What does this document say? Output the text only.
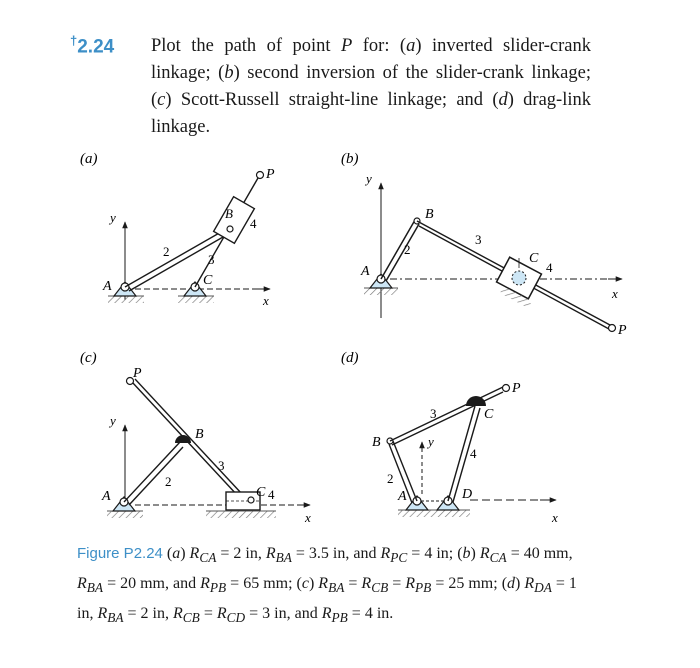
†2.24 Plot the path of point P for: (a) inverted slider-crank linkage; (b) second inversion of the slider-crank linkage; (c) Scott-Russell straight-line linkage; and (d) drag-link linkage.
(a)
y
x
A	C
2
3
B
4
P
(b)
y
x
A
B
2
3
P
C
4
(c)
y
x
A
2
P
B
3
C 4
(d)
y
x
A	D
B
2
P
3	C
4
Figure P2.24 (a) $R_{CA} = 2$ in, $R_{BA} = 3.5$ in, and $R_{PC} = 4$ in; (b) $R_{CA} = 40$ mm, $R_{BA} = 20$ mm, and $R_{PB} = 65$ mm; (c) $R_{BA} = R_{CB} = R_{PB} = 25$ mm; (d) $R_{DA} = 1$ in, $R_{BA} = 2$ in, $R_{CB} = R_{CD} = 3$ in, and $R_{PB} = 4$ in.
